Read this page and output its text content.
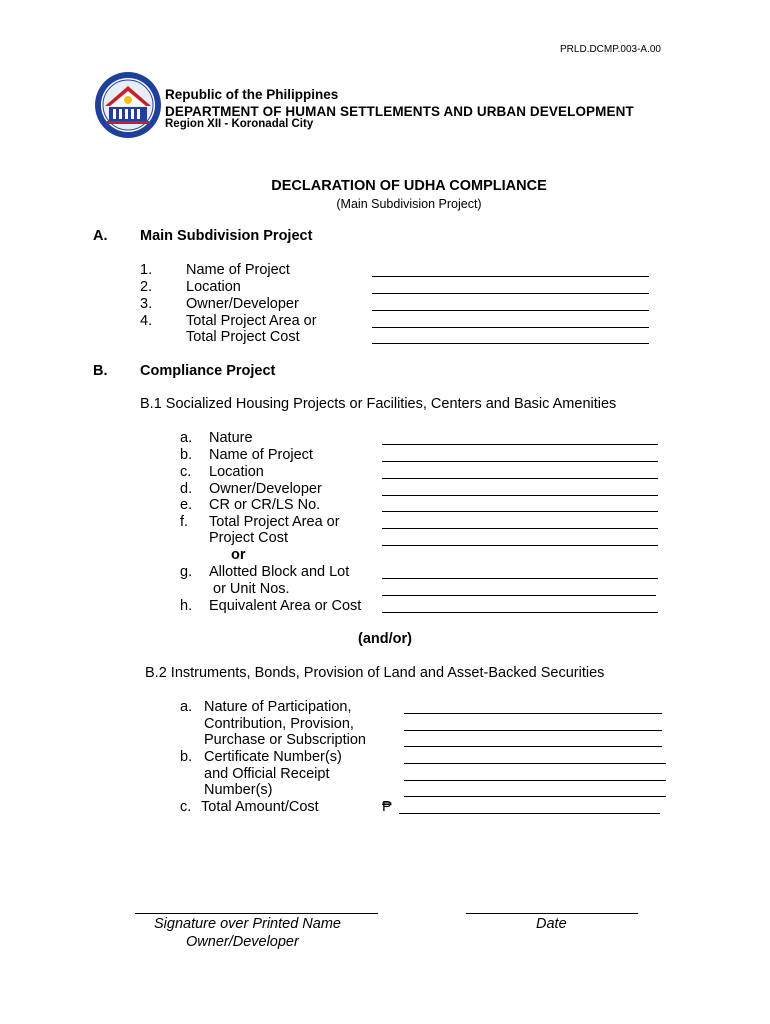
PRLD.DCMP.003-A.00
Republic of the Philippines
DEPARTMENT OF HUMAN SETTLEMENTS AND URBAN DEVELOPMENT
Region XII - Koronadal City
DECLARATION OF UDHA COMPLIANCE
(Main Subdivision Project)
A. Main Subdivision Project
1. Name of Project
2. Location
3. Owner/Developer
4. Total Project Area or
Total Project Cost
B. Compliance Project
B.1 Socialized Housing Projects or Facilities, Centers and Basic Amenities
a. Nature
b. Name of Project
c. Location
d. Owner/Developer
e. CR or CR/LS No.
f. Total Project Area or
Project Cost
or
g. Allotted Block and Lot
or Unit Nos.
h. Equivalent Area or Cost
(and/or)
B.2 Instruments, Bonds, Provision of Land and Asset-Backed Securities
a. Nature of Participation,
Contribution, Provision,
Purchase or Subscription
b. Certificate Number(s)
and Official Receipt
Number(s)
c. Total Amount/Cost	₱
Signature over Printed Name
Owner/Developer
Date
